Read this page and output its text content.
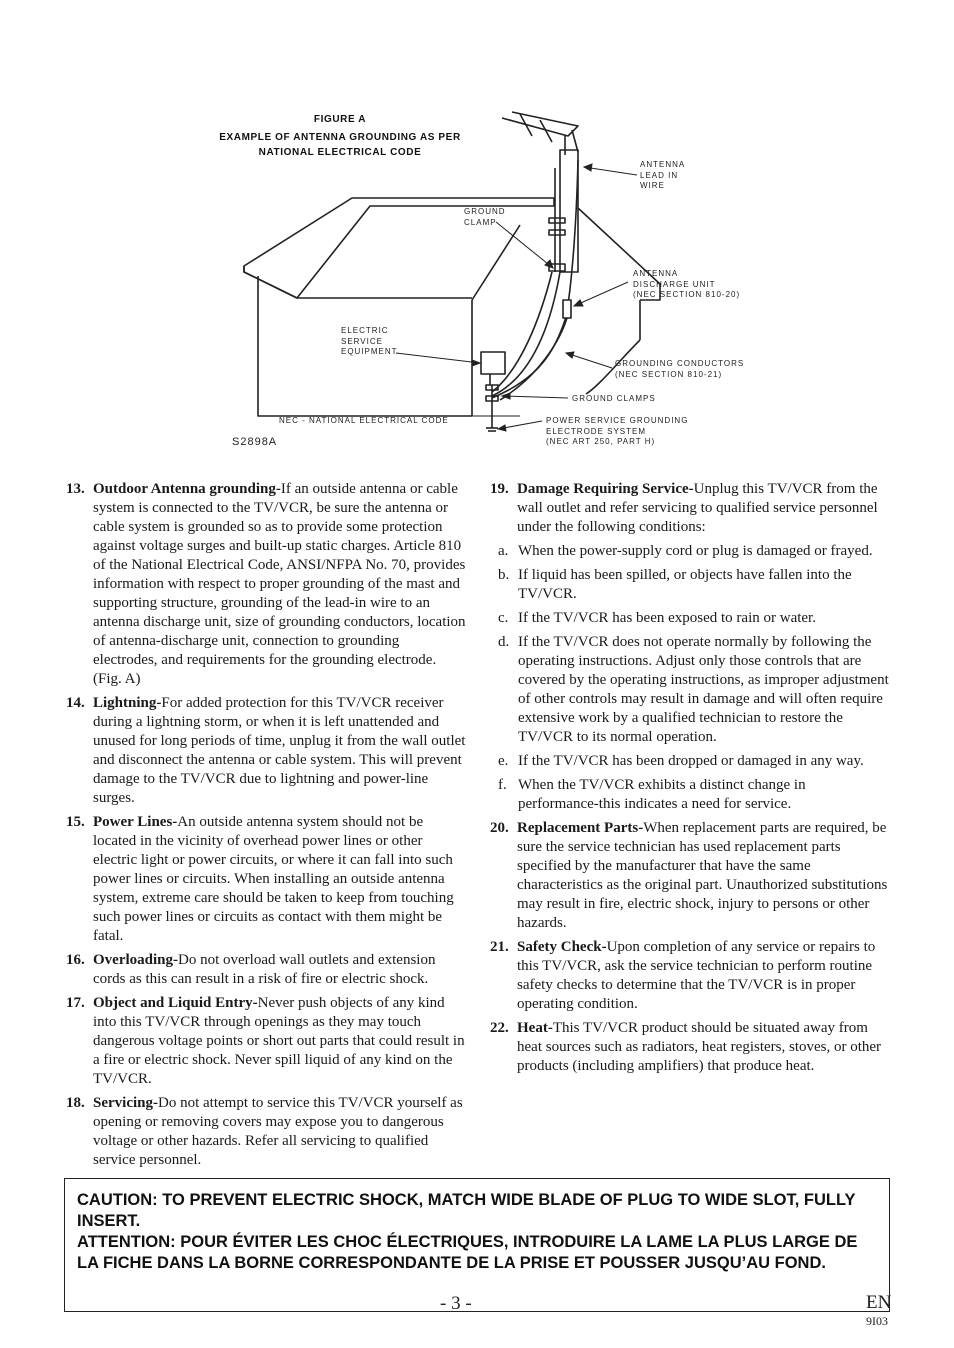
FIGURE A
EXAMPLE OF ANTENNA GROUNDING AS PER
NATIONAL ELECTRICAL CODE
ANTENNA
LEAD IN
WIRE
GROUND
CLAMP
ANTENNA
DISCHARGE UNIT
(NEC SECTION 810-20)
ELECTRIC
SERVICE
EQUIPMENT
GROUNDING CONDUCTORS
(NEC SECTION 810-21)
GROUND CLAMPS
NEC - NATIONAL ELECTRICAL CODE	POWER SERVICE GROUNDING
ELECTRODE SYSTEM
(NEC ART 250, PART H)
S2898A
13. Outdoor Antenna grounding-If an outside antenna or cable system is connected to the TV/VCR, be sure the antenna or cable system is grounded so as to provide some protection against voltage surges and built-up static charges. Article 810 of the National Electrical Code, ANSI/NFPA No. 70, provides information with respect to proper grounding of the mast and supporting structure, grounding of the lead-in wire to an antenna discharge unit, size of grounding conductors, location of antenna-discharge unit, connection to grounding electrodes, and requirements for the grounding electrode. (Fig. A)
14. Lightning-For added protection for this TV/VCR receiver during a lightning storm, or when it is left unattended and unused for long periods of time, unplug it from the wall outlet and disconnect the antenna or cable system. This will prevent damage to the TV/VCR due to lightning and power-line surges.
15. Power Lines-An outside antenna system should not be located in the vicinity of overhead power lines or other electric light or power circuits, or where it can fall into such power lines or circuits. When installing an outside antenna system, extreme care should be taken to keep from touching such power lines or circuits as contact with them might be fatal.
16. Overloading-Do not overload wall outlets and extension cords as this can result in a risk of fire or electric shock.
17. Object and Liquid Entry-Never push objects of any kind into this TV/VCR through openings as they may touch dangerous voltage points or short out parts that could result in a fire or electric shock. Never spill liquid of any kind on the TV/VCR.
18. Servicing-Do not attempt to service this TV/VCR yourself as opening or removing covers may expose you to dangerous voltage or other hazards. Refer all servicing to qualified service personnel.
19. Damage Requiring Service-Unplug this TV/VCR from the wall outlet and refer servicing to qualified service personnel under the following conditions:
a. When the power-supply cord or plug is damaged or frayed.
b. If liquid has been spilled, or objects have fallen into the TV/VCR.
c. If the TV/VCR has been exposed to rain or water.
d. If the TV/VCR does not operate normally by following the operating instructions. Adjust only those controls that are covered by the operating instructions, as improper adjustment of other controls may result in damage and will often require extensive work by a qualified technician to restore the TV/VCR to its normal operation.
e. If the TV/VCR has been dropped or damaged in any way.
f. When the TV/VCR exhibits a distinct change in performance-this indicates a need for service.
20. Replacement Parts-When replacement parts are required, be sure the service technician has used replacement parts specified by the manufacturer that have the same characteristics as the original part. Unauthorized substitutions may result in fire, electric shock, injury to persons or other hazards.
21. Safety Check-Upon completion of any service or repairs to this TV/VCR, ask the service technician to perform routine safety checks to determine that the TV/VCR is in proper operating condition.
22. Heat-This TV/VCR product should be situated away from heat sources such as radiators, heat registers, stoves, or other products (including amplifiers) that produce heat.
CAUTION: TO PREVENT ELECTRIC SHOCK, MATCH WIDE BLADE OF PLUG TO WIDE SLOT, FULLY INSERT.
ATTENTION: POUR ÉVITER LES CHOC ÉLECTRIQUES, INTRODUIRE LA LAME LA PLUS LARGE DE LA FICHE DANS LA BORNE CORRESPONDANTE DE LA PRISE ET POUSSER JUSQU’AU FOND.
- 3 -	EN
9I03
